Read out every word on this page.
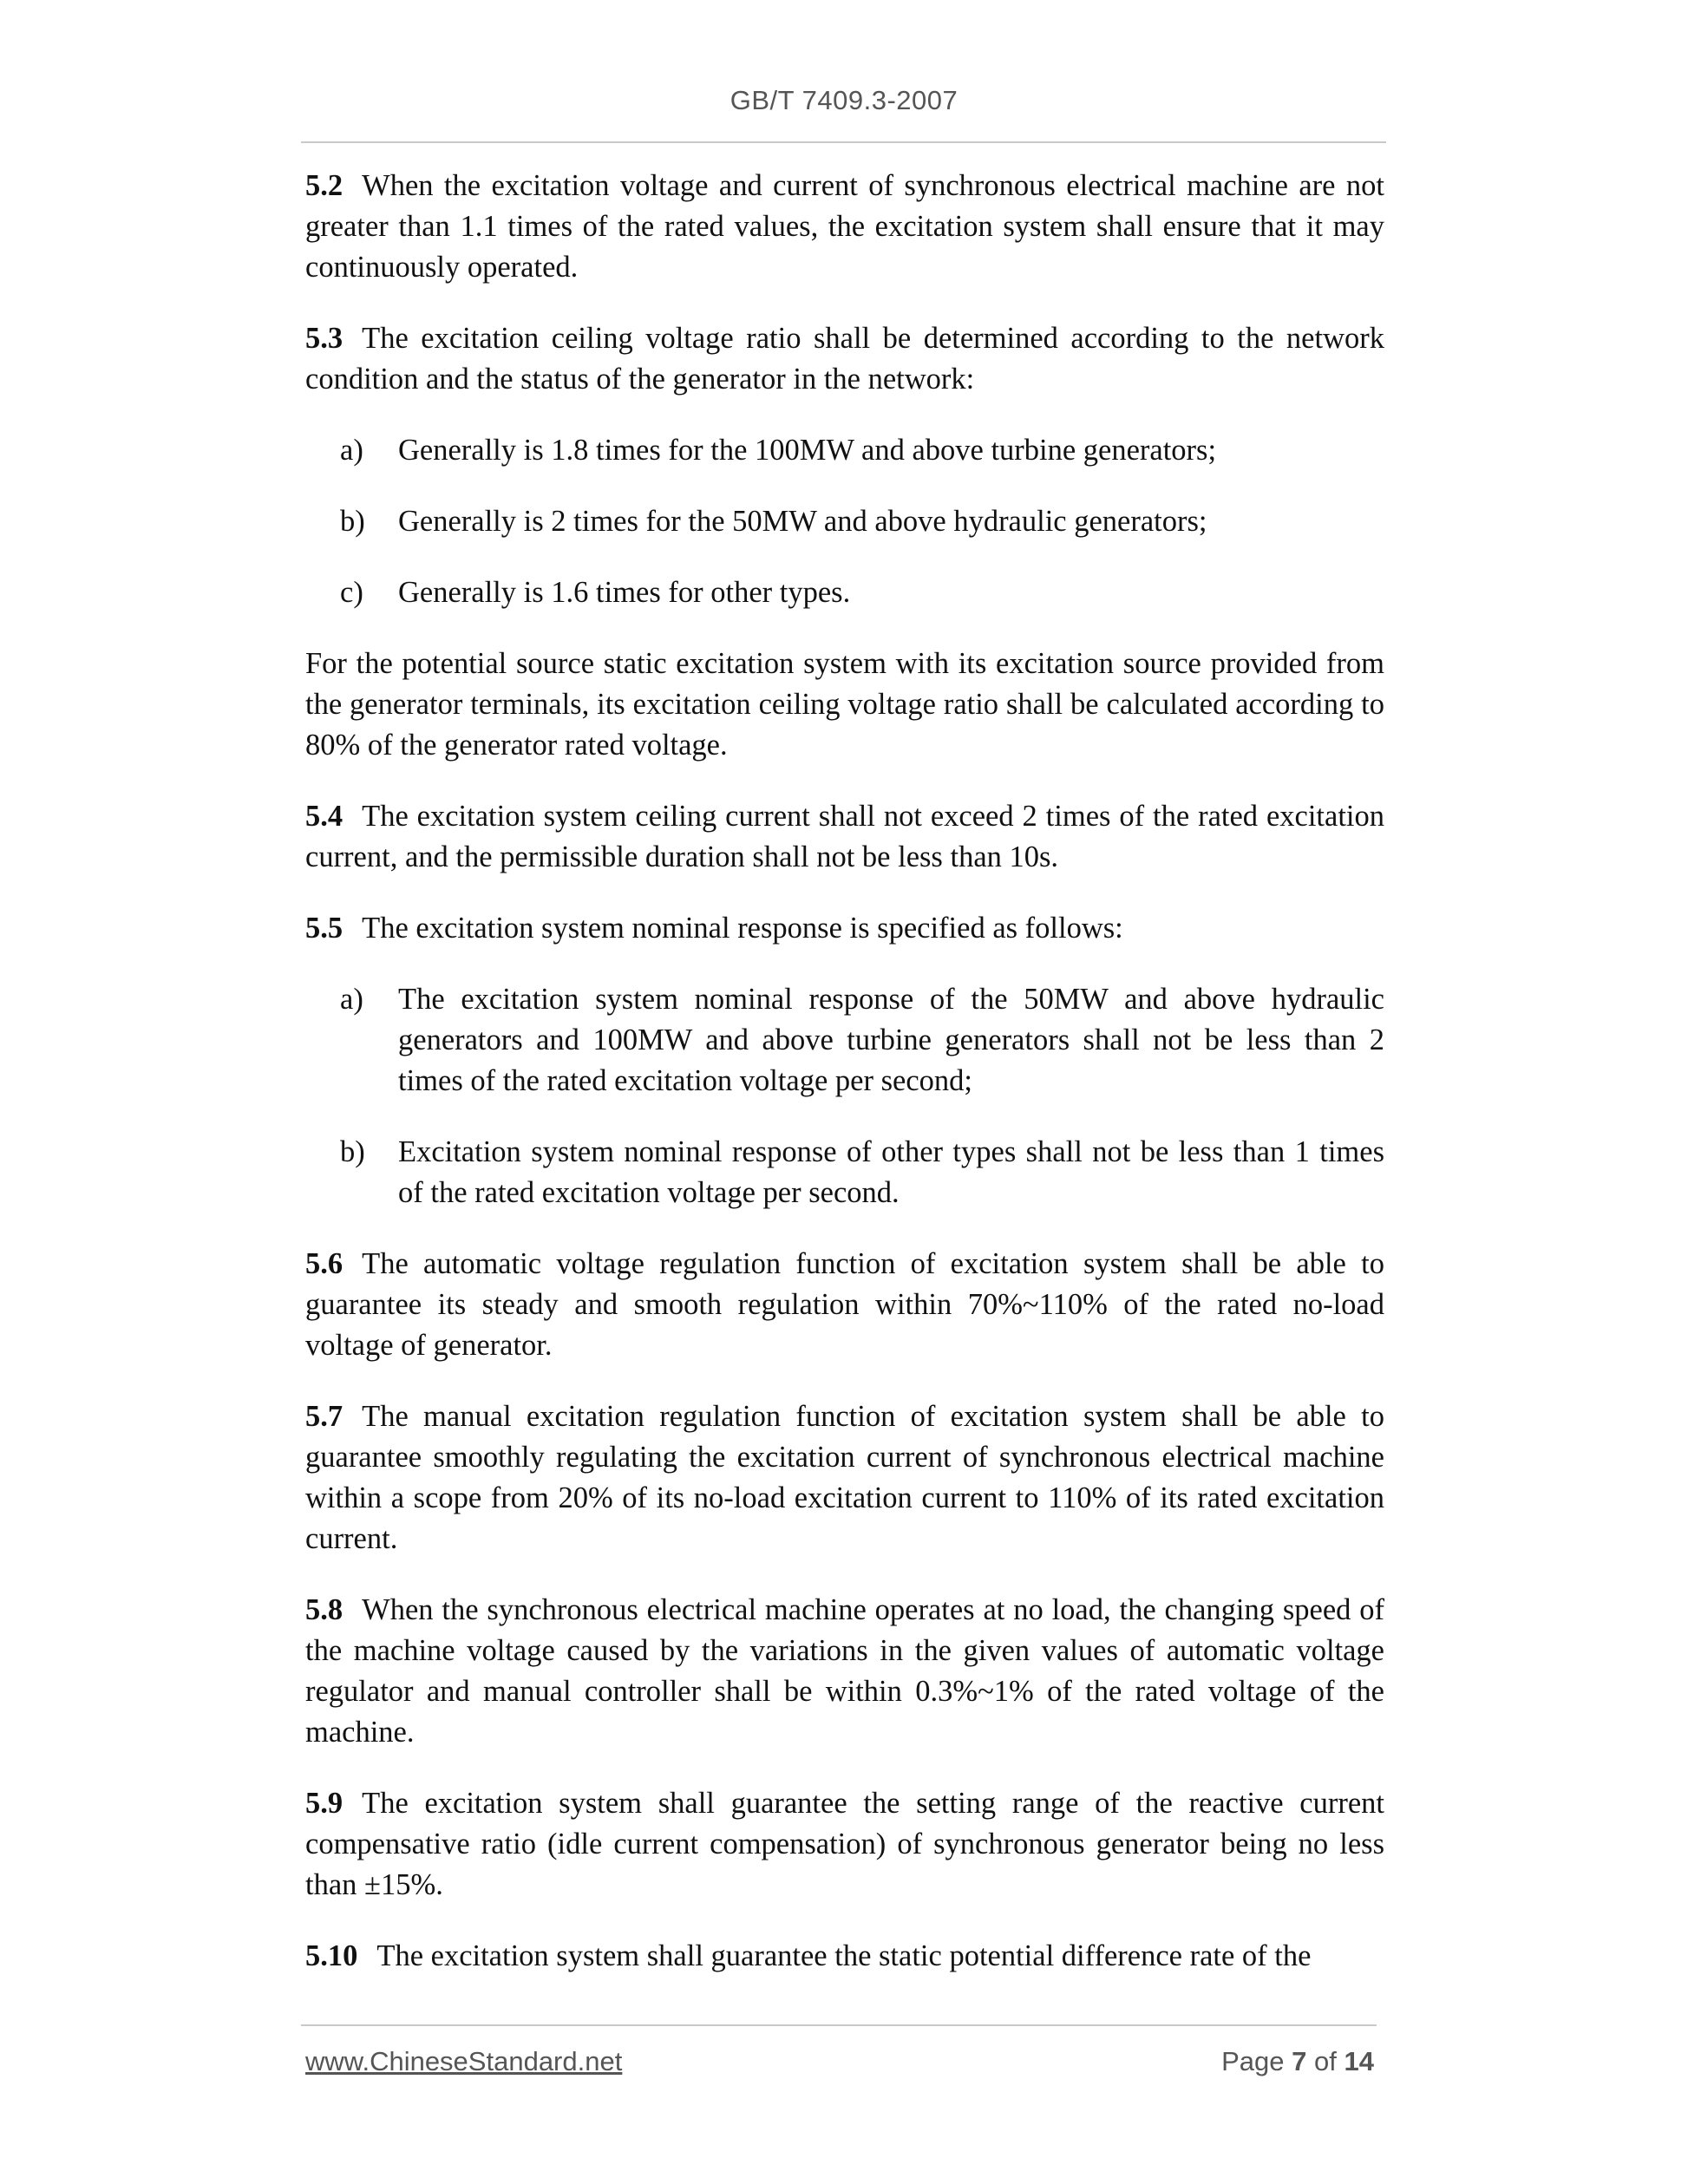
GB/T 7409.3-2007

5.2 When the excitation voltage and current of synchronous electrical machine are not greater than 1.1 times of the rated values, the excitation system shall ensure that it may continuously operated.

5.3 The excitation ceiling voltage ratio shall be determined according to the network condition and the status of the generator in the network:

a) Generally is 1.8 times for the 100MW and above turbine generators;
b) Generally is 2 times for the 50MW and above hydraulic generators;
c) Generally is 1.6 times for other types.

For the potential source static excitation system with its excitation source provided from the generator terminals, its excitation ceiling voltage ratio shall be calculated according to 80% of the generator rated voltage.

5.4 The excitation system ceiling current shall not exceed 2 times of the rated excitation current, and the permissible duration shall not be less than 10s.

5.5 The excitation system nominal response is specified as follows:

a) The excitation system nominal response of the 50MW and above hydraulic generators and 100MW and above turbine generators shall not be less than 2 times of the rated excitation voltage per second;
b) Excitation system nominal response of other types shall not be less than 1 times of the rated excitation voltage per second.

5.6 The automatic voltage regulation function of excitation system shall be able to guarantee its steady and smooth regulation within 70%~110% of the rated no-load voltage of generator.

5.7 The manual excitation regulation function of excitation system shall be able to guarantee smoothly regulating the excitation current of synchronous electrical machine within a scope from 20% of its no-load excitation current to 110% of its rated excitation current.

5.8 When the synchronous electrical machine operates at no load, the changing speed of the machine voltage caused by the variations in the given values of automatic voltage regulator and manual controller shall be within 0.3%~1% of the rated voltage of the machine.

5.9 The excitation system shall guarantee the setting range of the reactive current compensative ratio (idle current compensation) of synchronous generator being no less than ±15%.

5.10 The excitation system shall guarantee the static potential difference rate of the

www.ChineseStandard.net	Page 7 of 14
